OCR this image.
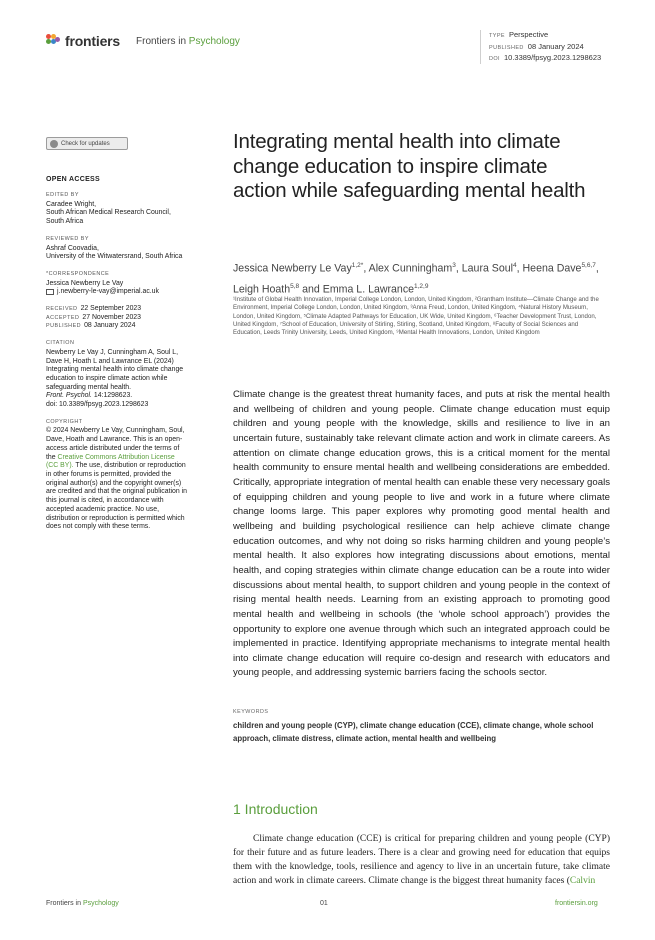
frontiers Frontiers in Psychology	TYPE Perspective
PUBLISHED 08 January 2024
DOI 10.3389/fpsyg.2023.1298623
Check for updates
OPEN ACCESS
EDITED BY
Caradee Wright,
South African Medical Research Council,
South Africa
REVIEWED BY
Ashraf Coovadia,
University of the Witwatersrand, South Africa
*CORRESPONDENCE
Jessica Newberry Le Vay
j.newberry-le-vay@imperial.ac.uk
RECEIVED 22 September 2023
ACCEPTED 27 November 2023
PUBLISHED 08 January 2024
CITATION
Newberry Le Vay J, Cunningham A, Soul L,
Dave H, Hoath L and Lawrance EL (2024)
Integrating mental health into climate change
education to inspire climate action while
safeguarding mental health.
Front. Psychol. 14:1298623.
doi: 10.3389/fpsyg.2023.1298623
COPYRIGHT
© 2024 Newberry Le Vay, Cunningham, Soul,
Dave, Hoath and Lawrance. This is an open-
access article distributed under the terms of
the Creative Commons Attribution License
(CC BY). The use, distribution or reproduction
in other forums is permitted, provided the
original author(s) and the copyright owner(s)
are credited and that the original publication in
this journal is cited, in accordance with
accepted academic practice. No use,
distribution or reproduction is permitted which
does not comply with these terms.
Integrating mental health into climate change education to inspire climate action while safeguarding mental health
Jessica Newberry Le Vay$^{1,2*}$, Alex Cunningham$^3$, Laura Soul$^4$, Heena Dave$^{5,6,7}$, Leigh Hoath$^{5,8}$ and Emma L. Lawrance$^{1,2,9}$
¹Institute of Global Health Innovation, Imperial College London, London, United Kingdom, ²Grantham Institute—Climate Change and the Environment, Imperial College London, London, United Kingdom, ³Anna Freud, London, United Kingdom, ⁴Natural History Museum, London, United Kingdom, ⁵Climate Adapted Pathways for Education, UK Wide, United Kingdom, ⁶Teacher Development Trust, London, United Kingdom, ⁷School of Education, University of Stirling, Stirling, Scotland, United Kingdom, ⁸Faculty of Social Sciences and Education, Leeds Trinity University, Leeds, United Kingdom, ⁹Mental Health Innovations, London, United Kingdom
Climate change is the greatest threat humanity faces, and puts at risk the mental health and wellbeing of children and young people. Climate change education must equip children and young people with the knowledge, skills and resilience to live in an uncertain future, sustainably take relevant climate action and work in climate careers. As attention on climate change education grows, this is a critical moment for the mental health community to ensure mental health and wellbeing considerations are embedded. Critically, appropriate integration of mental health can enable these very necessary goals of equipping children and young people to live and work in a future where climate change looms large. This paper explores why promoting good mental health and wellbeing and building psychological resilience can help achieve climate change education outcomes, and why not doing so risks harming children and young people’s mental health. It also explores how integrating discussions about emotions, mental health, and coping strategies within climate change education can be a route into wider discussions about mental health, to support children and young people in the context of rising mental health needs. Learning from an existing approach to promoting good mental health and wellbeing in schools (the ‘whole school approach’) provides the opportunity to explore one avenue through which such an integrated approach could be implemented in practice. Identifying appropriate mechanisms to integrate mental health into climate change education will require co-design and research with educators and young people, and addressing systemic barriers facing the schools sector.
KEYWORDS
children and young people (CYP), climate change education (CCE), climate change, whole school approach, climate distress, climate action, mental health and wellbeing
1 Introduction
Climate change education (CCE) is critical for preparing children and young people (CYP) for their future and as future leaders. There is a clear and growing need for education that equips them with the knowledge, tools, resilience and agency to live in an uncertain future, take climate action and work in climate careers. Climate change is the biggest threat humanity faces (Calvin
Frontiers in Psychology	01	frontiersin.org
